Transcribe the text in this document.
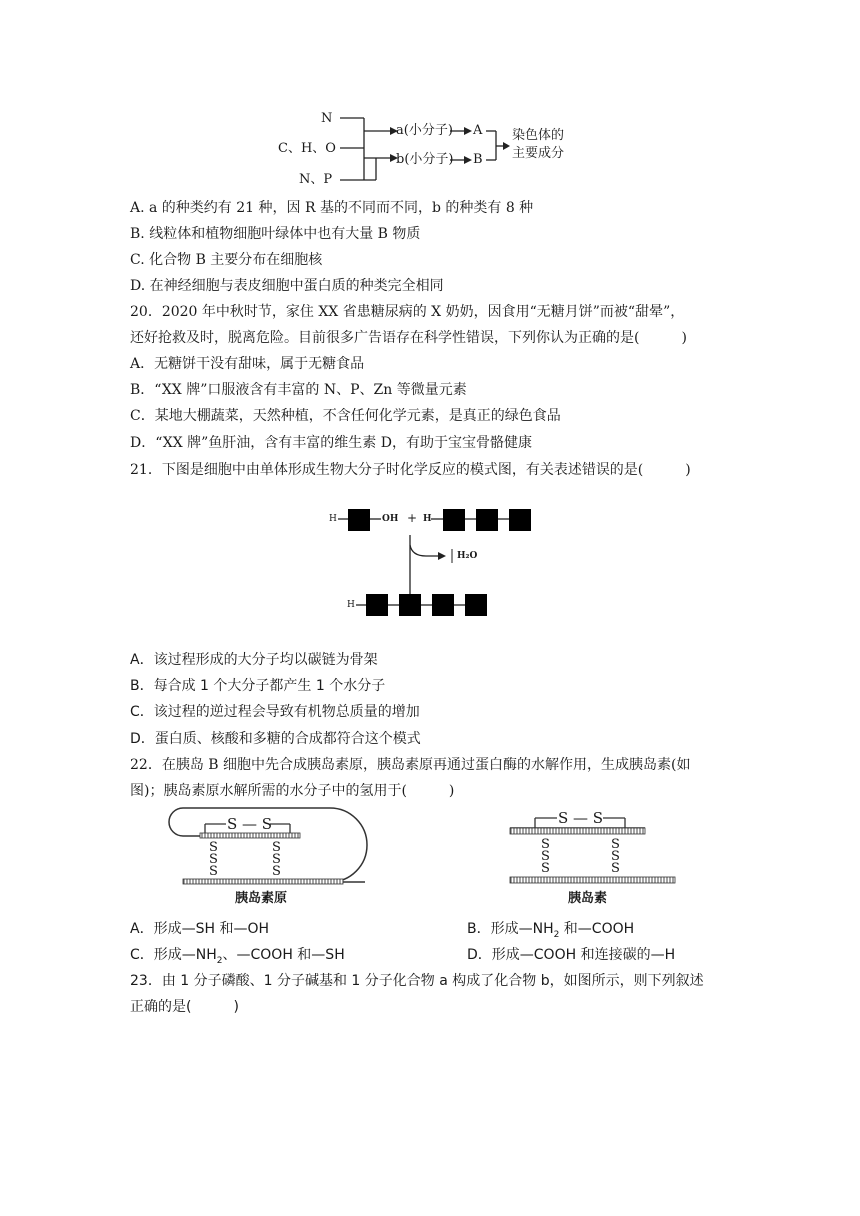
N
C、H、O
N、P
a(小分子)
b(小分子)
A
B
染色体的
主要成分
A. a 的种类约有 21 种，因 R 基的不同而不同，b 的种类有 8 种
B. 线粒体和植物细胞叶绿体中也有大量 B 物质
C. 化合物 B 主要分布在细胞核
D. 在神经细胞与表皮细胞中蛋白质的种类完全相同
20．2020 年中秋时节，家住 XX 省患糖尿病的 X 奶奶，因食用“无糖月饼”而被“甜晕”，
还好抢救及时，脱离危险。目前很多广告语存在科学性错误，下列你认为正确的是(　　　)
A．无糖饼干没有甜味，属于无糖食品
B．“XX 牌”口服液含有丰富的 N、P、Zn 等微量元素
C．某地大棚蔬菜，天然种植，不含任何化学元素，是真正的绿色食品
D．“XX 牌”鱼肝油，含有丰富的维生素 D，有助于宝宝骨骼健康
21．下图是细胞中由单体形成生物大分子时化学反应的模式图，有关表述错误的是(　　　)
H	OH + H
H₂O
H
A．该过程形成的大分子均以碳链为骨架
B．每合成 1 个大分子都产生 1 个水分子
C．该过程的逆过程会导致有机物总质量的增加
D．蛋白质、核酸和多糖的合成都符合这个模式
22．在胰岛 B 细胞中先合成胰岛素原，胰岛素原再通过蛋白酶的水解作用，生成胰岛素(如
图)；胰岛素原水解所需的水分子中的氢用于(　　　)
S — S
S
S
S
S
S
S
胰岛素原
S — S
S
S
S
S
S
S
胰岛素
A．形成—SH 和—OH	B．形成$—NH_2$ 和—COOH
C．形成$—NH_2$、—COOH 和—SH	D．形成—COOH 和连接碳的—H
23．由 1 分子磷酸、1 分子碱基和 1 分子化合物 a 构成了化合物 b，如图所示，则下列叙述
正确的是(　　　)
